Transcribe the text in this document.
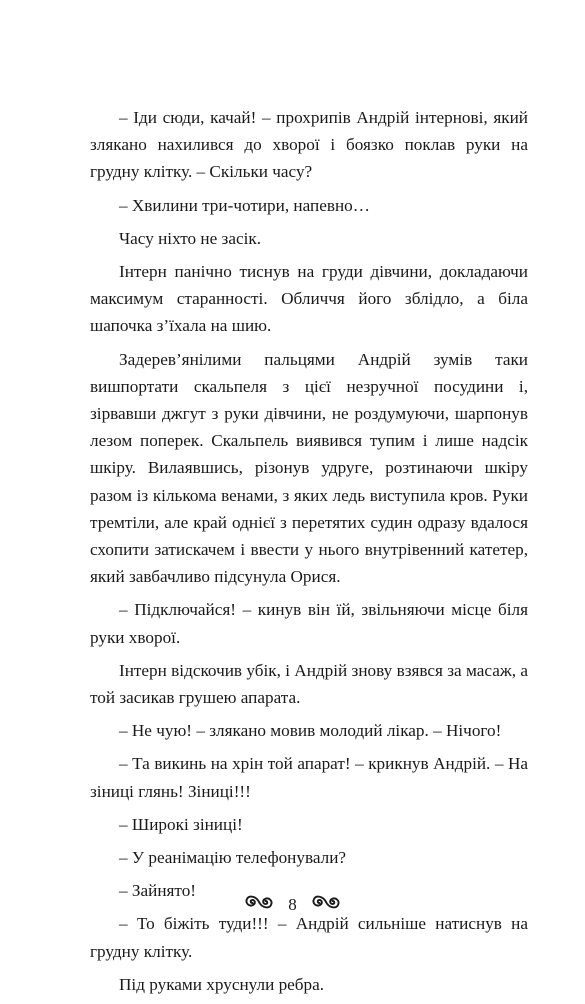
– Іди сюди, качай! – прохрипів Андрій інтернові, який злякано нахилився до хворої і боязко поклав руки на грудну клітку. – Скільки часу?

– Хвилини три-чотири, напевно…

Часу ніхто не засік.

Інтерн панічно тиснув на груди дівчини, докладаючи максимум старанності. Обличчя його зблідло, а біла шапочка з’їхала на шию.

Задерев’янілими пальцями Андрій зумів таки вишпортати скальпеля з цієї незручної посудини і, зірвавши джгут з руки дівчини, не роздумуючи, шарпонув лезом поперек. Скальпель виявився тупим і лише надсік шкіру. Вилаявшись, різонув удруге, розтинаючи шкіру разом із кількома венами, з яких ледь виступила кров. Руки тремтіли, але край однієї з перетятих судин одразу вдалося схопити затискачем і ввести у нього внутрівенний катетер, який завбачливо підсунула Орися.

– Підключайся! – кинув він їй, звільняючи місце біля руки хворої.

Інтерн відскочив убік, і Андрій знову взявся за масаж, а той засикав грушею апарата.

– Не чую! – злякано мовив молодий лікар. – Нічого!

– Та викинь на хрін той апарат! – крикнув Андрій. – На зіниці глянь! Зіниці!!!

– Широкі зіниці!

– У реанімацію телефонували?

– Зайнято!

– То біжіть туди!!! – Андрій сильніше натиснув на грудну клітку.

Під руками хруснули ребра.

8
